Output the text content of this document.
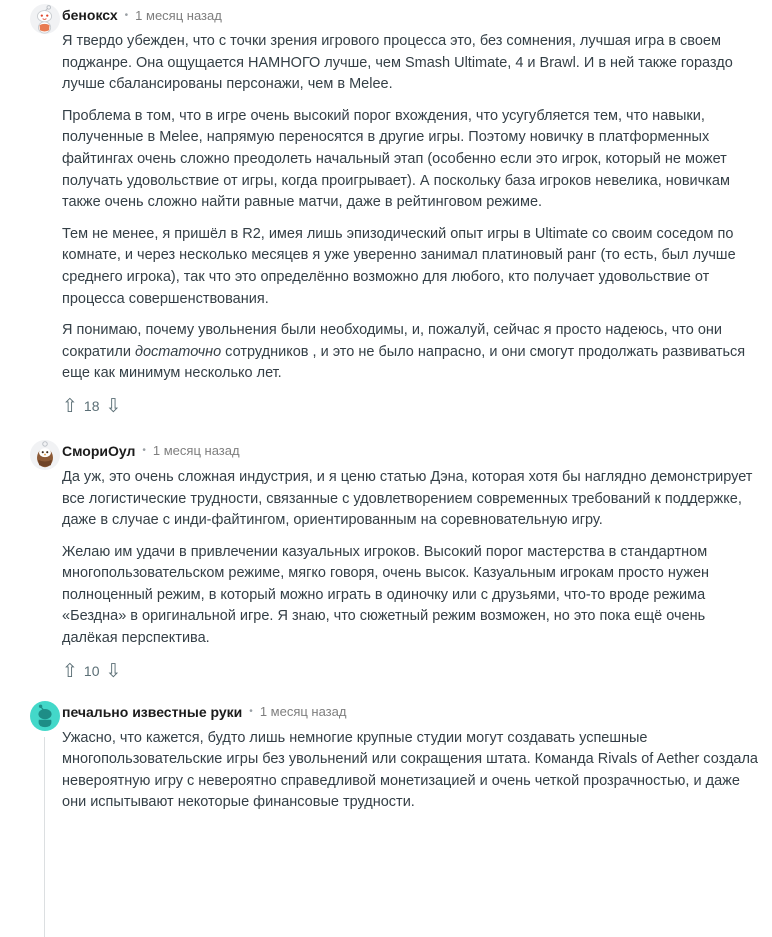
беноксх • 1 месяц назад

Я твердо убежден, что с точки зрения игрового процесса это, без сомнения, лучшая игра в своем поджанре. Она ощущается НАМНОГО лучше, чем Smash Ultimate, 4 и Brawl. И в ней также гораздо лучше сбалансированы персонажи, чем в Melee.

Проблема в том, что в игре очень высокий порог вхождения, что усугубляется тем, что навыки, полученные в Melee, напрямую переносятся в другие игры. Поэтому новичку в платформенных файтингах очень сложно преодолеть начальный этап (особенно если это игрок, который не может получать удовольствие от игры, когда проигрывает). А поскольку база игроков невелика, новичкам также очень сложно найти равные матчи, даже в рейтинговом режиме.

Тем не менее, я пришёл в R2, имея лишь эпизодический опыт игры в Ultimate со своим соседом по комнате, и через несколько месяцев я уже уверенно занимал платиновый ранг (то есть, был лучше среднего игрока), так что это определённо возможно для любого, кто получает удовольствие от процесса совершенствования.

Я понимаю, почему увольнения были необходимы, и, пожалуй, сейчас я просто надеюсь, что они сократили достаточно сотрудников , и это не было напрасно, и они смогут продолжать развиваться еще как минимум несколько лет.

⇧ 18 ⇩
СмориОул • 1 месяц назад

Да уж, это очень сложная индустрия, и я ценю статью Дэна, которая хотя бы наглядно демонстрирует все логистические трудности, связанные с удовлетворением современных требований к поддержке, даже в случае с инди-файтингом, ориентированным на соревновательную игру.

Желаю им удачи в привлечении казуальных игроков. Высокий порог мастерства в стандартном многопользовательском режиме, мягко говоря, очень высок. Казуальным игрокам просто нужен полноценный режим, в который можно играть в одиночку или с друзьями, что-то вроде режима «Бездна» в оригинальной игре. Я знаю, что сюжетный режим возможен, но это пока ещё очень далёкая перспектива.

⇧ 10 ⇩
печально известные руки • 1 месяц назад

Ужасно, что кажется, будто лишь немногие крупные студии могут создавать успешные многопользовательские игры без увольнений или сокращения штата. Команда Rivals of Aether создала невероятную игру с невероятно справедливой монетизацией и очень четкой прозрачностью, и даже они испытывают некоторые финансовые трудности.
